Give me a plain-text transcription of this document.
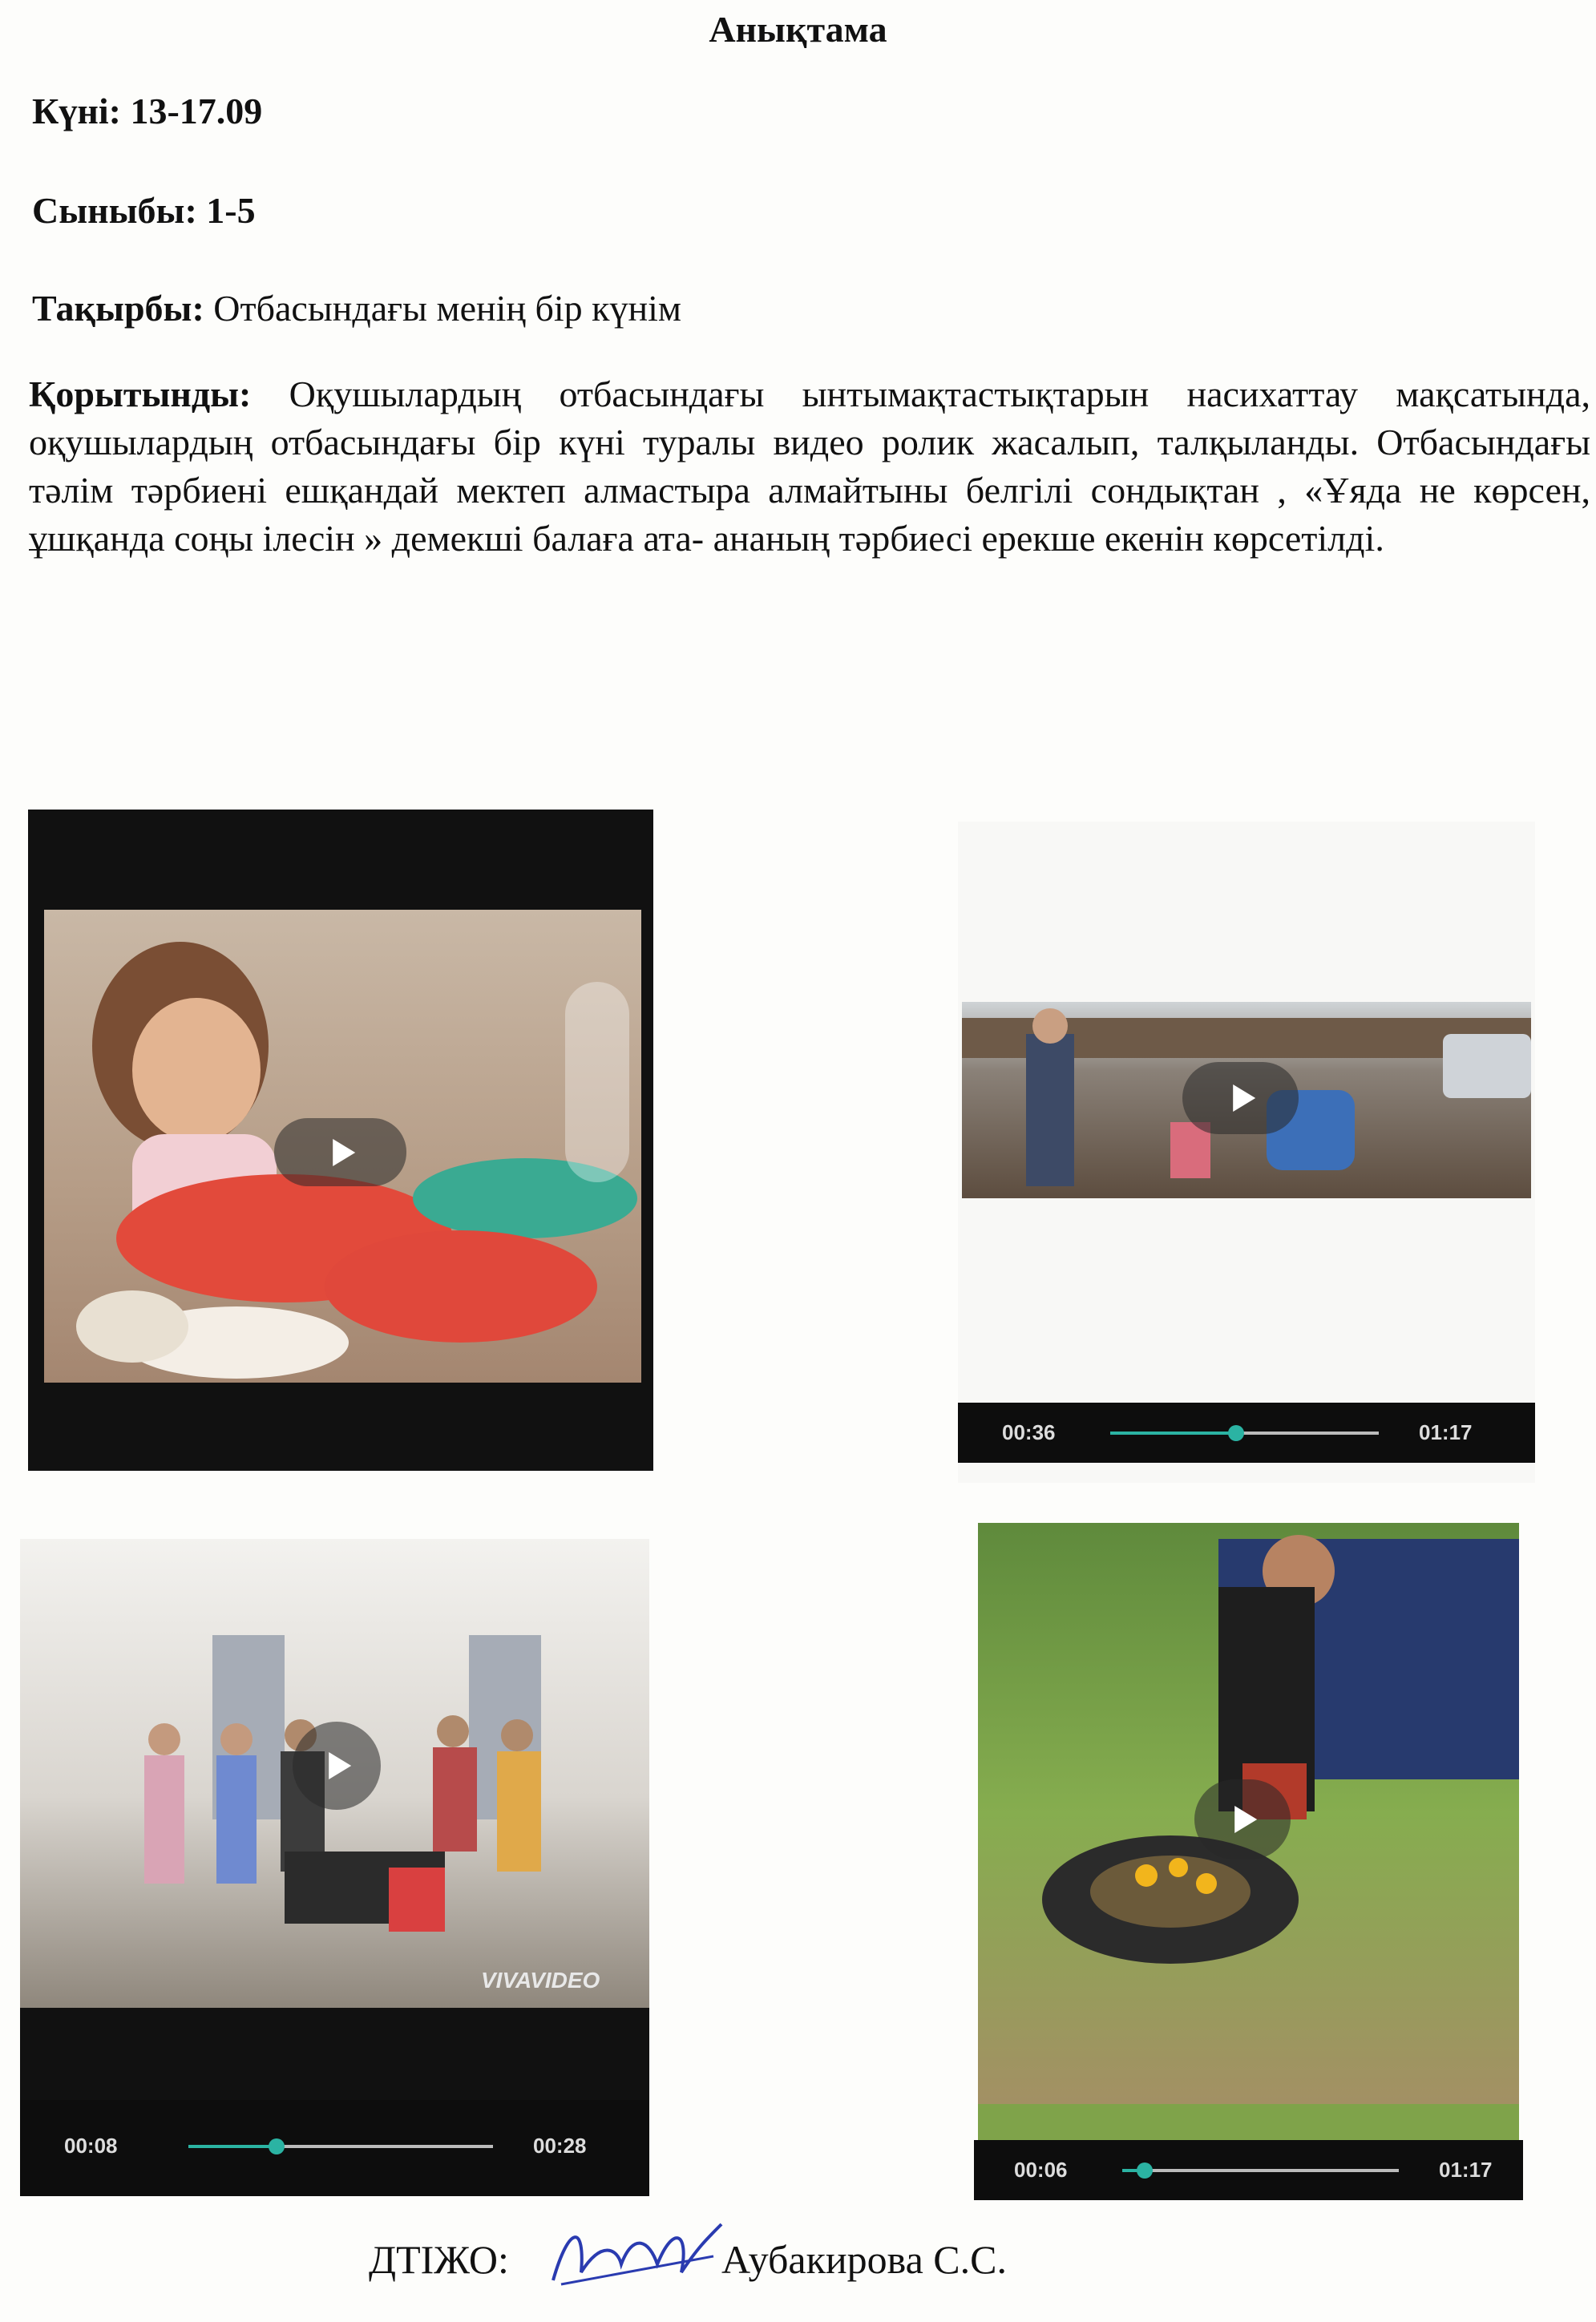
Анықтама
Күні: 13-17.09
Сыныбы: 1-5
Тақырбы: Отбасындағы менің бір күнім
Қорытынды: Оқушылардың отбасындағы ынтымақтастықтарын насихаттау мақсатында, оқушылардың отбасындағы бір күні туралы видео ролик жасалып, талқыланды. Отбасындағы тәлім тәрбиені ешқандай мектеп алмастыра алмайтыны белгілі сондықтан , «Ұяда не көрсен, ұшқанда соңы ілесін » демекші балаға ата- ананың тәрбиесі ерекше екенін көрсетілді.
00:36	01:17
VIVAVIDEO
00:08	00:28
00:06	01:17
ДТІЖО:	Аубакирова С.С.
